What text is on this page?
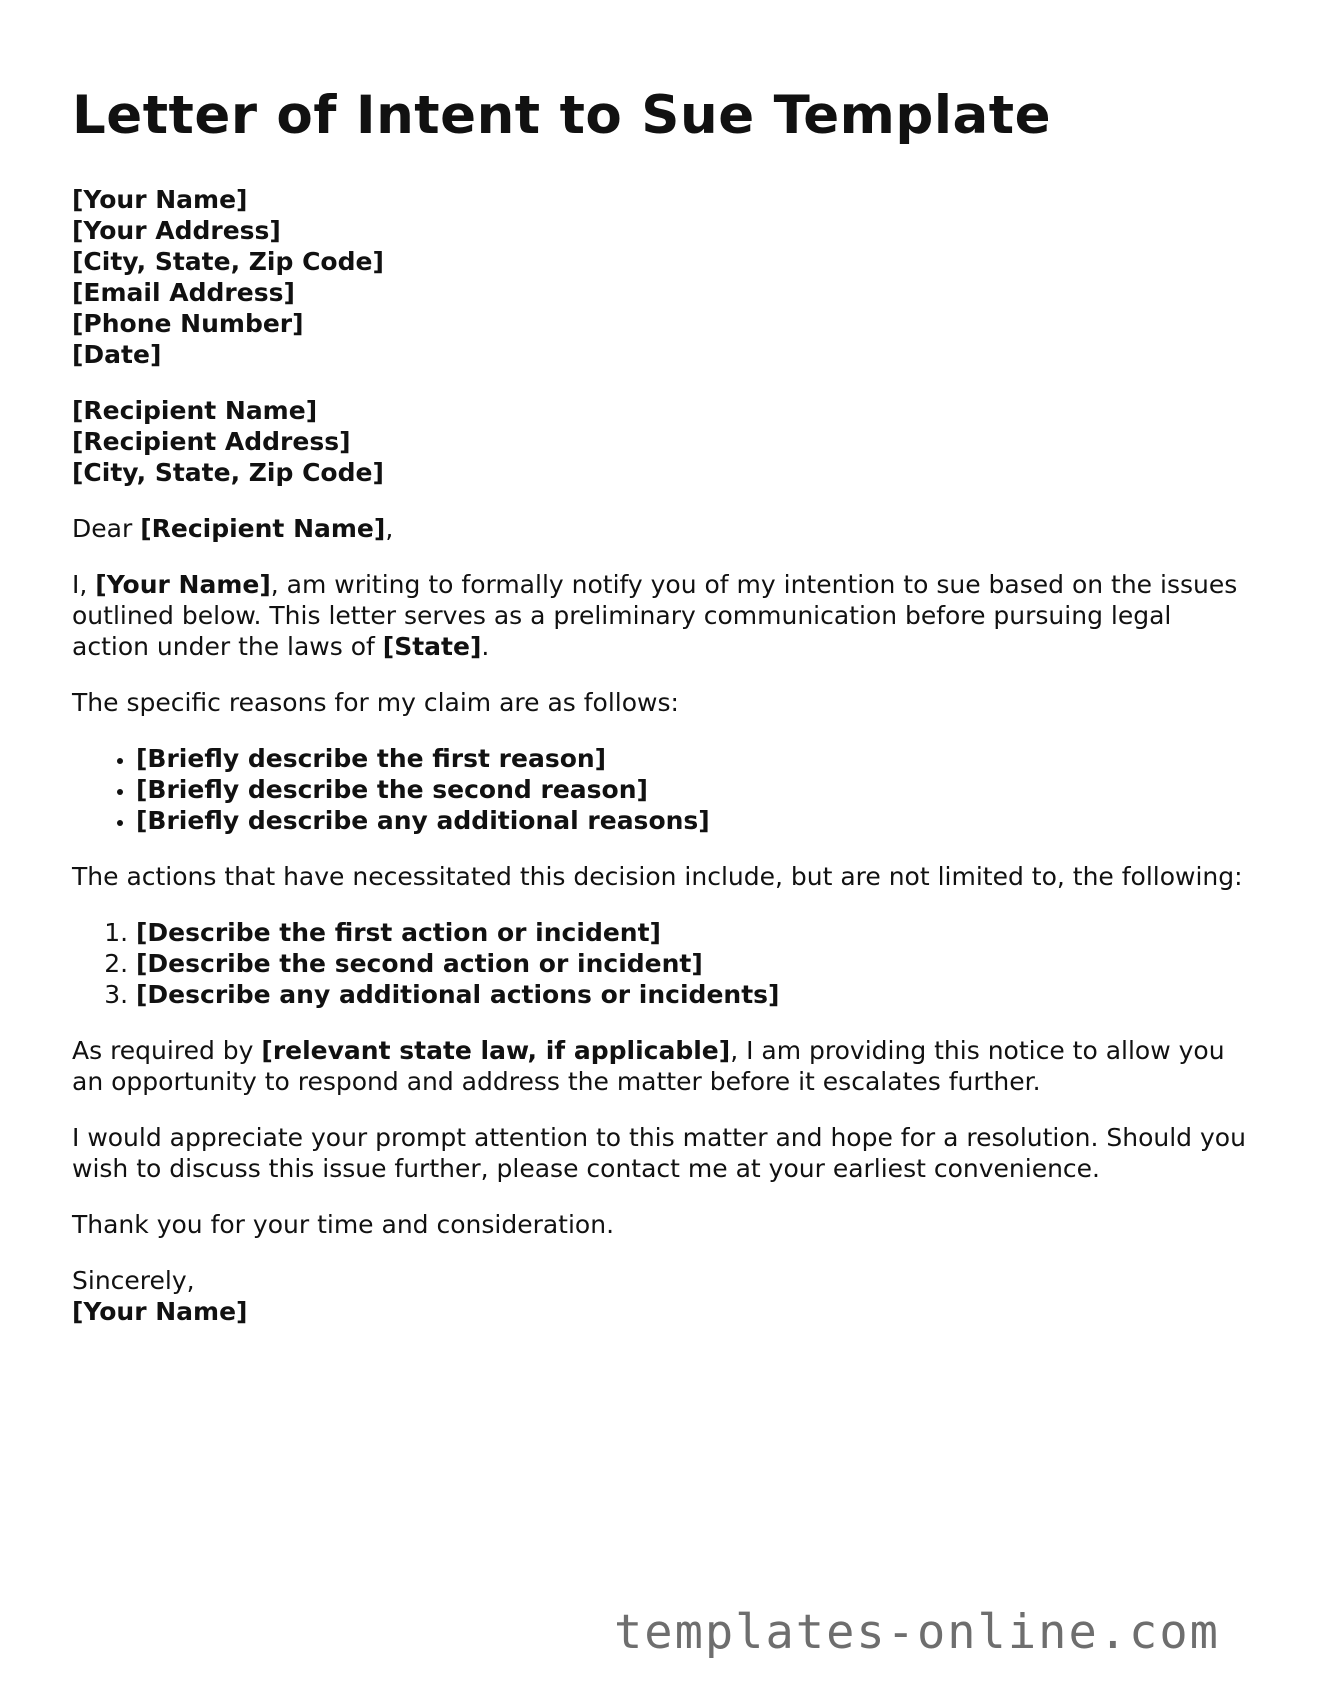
Letter of Intent to Sue Template
[Your Name]
[Your Address]
[City, State, Zip Code]
[Email Address]
[Phone Number]
[Date]
[Recipient Name]
[Recipient Address]
[City, State, Zip Code]

Dear [Recipient Name],

I, [Your Name], am writing to formally notify you of my intention to sue based on the issues outlined below. This letter serves as a preliminary communication before pursuing legal action under the laws of [State].

The specific reasons for my claim are as follows:

• [Briefly describe the first reason]
• [Briefly describe the second reason]
• [Briefly describe any additional reasons]

The actions that have necessitated this decision include, but are not limited to, the following:

1. [Describe the first action or incident]
2. [Describe the second action or incident]
3. [Describe any additional actions or incidents]

As required by [relevant state law, if applicable], I am providing this notice to allow you an opportunity to respond and address the matter before it escalates further.

I would appreciate your prompt attention to this matter and hope for a resolution. Should you wish to discuss this issue further, please contact me at your earliest convenience.

Thank you for your time and consideration.

Sincerely,
[Your Name]
templates-online.com
